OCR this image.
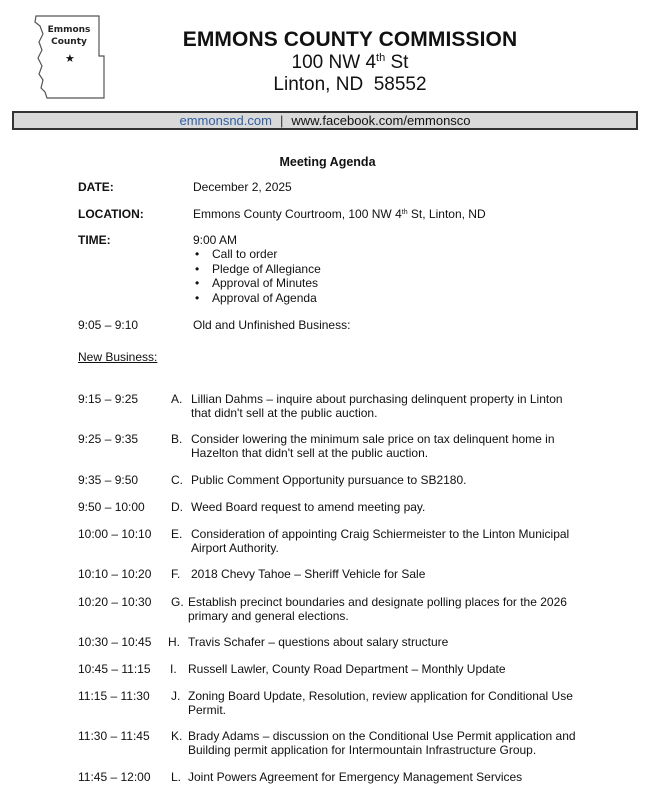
Emmons
County
★
EMMONS COUNTY COMMISSION
100 NW 4th St
Linton, ND  58552
emmonsnd.com | www.facebook.com/emmonsco
Meeting Agenda
DATE:	December 2, 2025
LOCATION:	Emmons County Courtroom, 100 NW 4th St, Linton, ND
TIME:	9:00 AM
• Call to order
• Pledge of Allegiance
• Approval of Minutes
• Approval of Agenda
9:05 – 9:10	Old and Unfinished Business:
New Business:
9:15 – 9:25	A. Lillian Dahms – inquire about purchasing delinquent property in Linton
that didn't sell at the public auction.
9:25 – 9:35	B. Consider lowering the minimum sale price on tax delinquent home in
Hazelton that didn't sell at the public auction.
9:35 – 9:50	C. Public Comment Opportunity pursuance to SB2180.
9:50 – 10:00 D. Weed Board request to amend meeting pay.
10:00 – 10:10 E. Consideration of appointing Craig Schiermeister to the Linton Municipal
Airport Authority.
10:10 – 10:20 F. 2018 Chevy Tahoe – Sheriff Vehicle for Sale
10:20 – 10:30 G. Establish precinct boundaries and designate polling places for the 2026
primary and general elections.
10:30 – 10:45 H. Travis Schafer – questions about salary structure
10:45 – 11:15 I. Russell Lawler, County Road Department – Monthly Update
11:15 – 11:30 J. Zoning Board Update, Resolution, review application for Conditional Use
Permit.
11:30 – 11:45 K. Brady Adams – discussion on the Conditional Use Permit application and
Building permit application for Intermountain Infrastructure Group.
11:45 – 12:00 L. Joint Powers Agreement for Emergency Management Services
